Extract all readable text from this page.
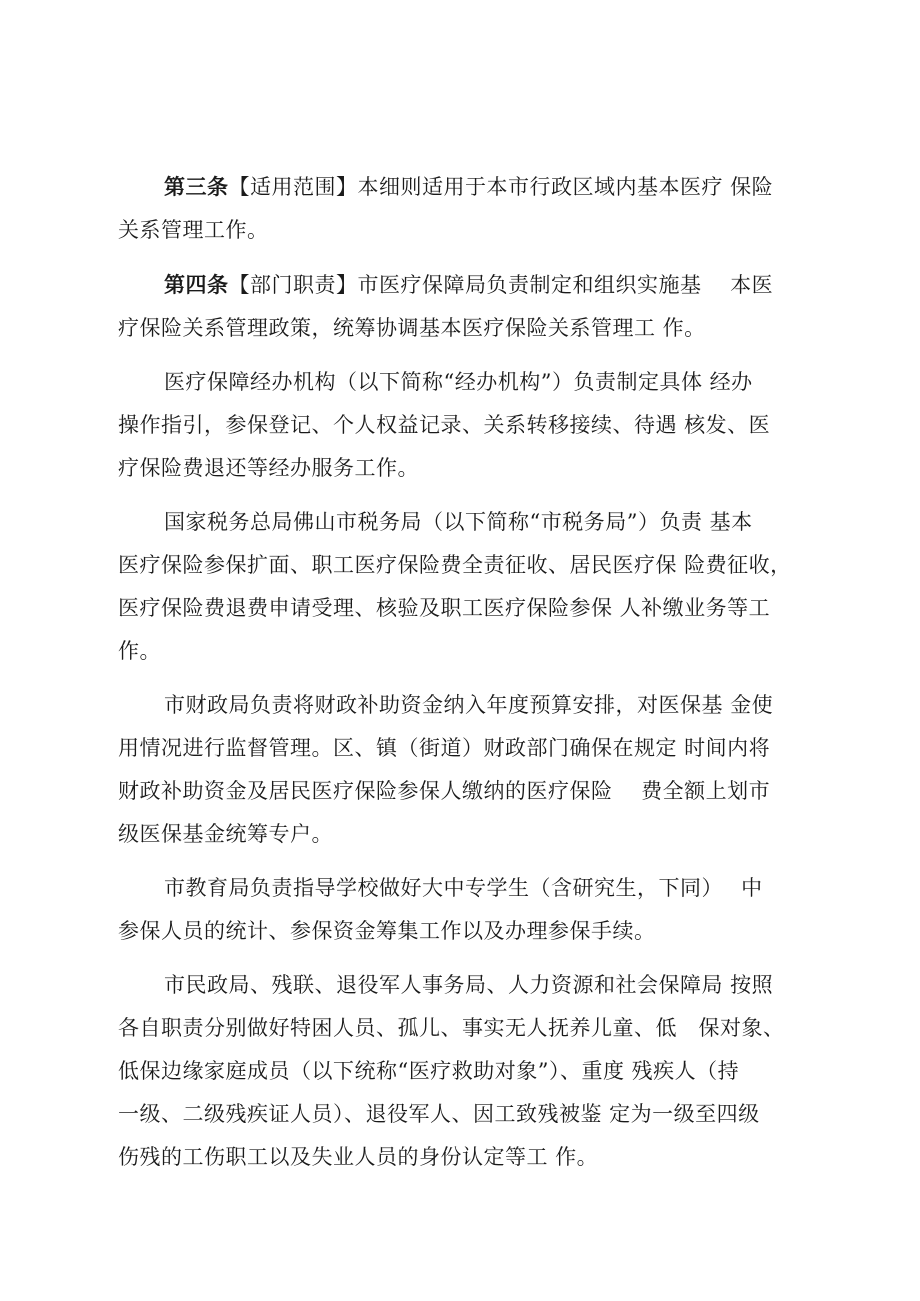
第三条【适用范围】本细则适用于本市行政区域内基本医疗 保险
关系管理工作。

第四条【部门职责】市医疗保障局负责制定和组织实施基　 本医
疗保险关系管理政策，统筹协调基本医疗保险关系管理工 作。

医疗保障经办机构（以下简称“经办机构”）负责制定具体 经办
操作指引，参保登记、个人权益记录、关系转移接续、待遇 核发、医
疗保险费退还等经办服务工作。

国家税务总局佛山市税务局（以下简称“市税务局”）负责 基本
医疗保险参保扩面、职工医疗保险费全责征收、居民医疗保 险费征收，
医疗保险费退费申请受理、核验及职工医疗保险参保 人补缴业务等工
作。

市财政局负责将财政补助资金纳入年度预算安排，对医保基 金使
用情况进行监督管理。区、镇（街道）财政部门确保在规定 时间内将
财政补助资金及居民医疗保险参保人缴纳的医疗保险　 费全额上划市
级医保基金统筹专户。

市教育局负责指导学校做好大中专学生（含研究生，下同）　 中
参保人员的统计、参保资金筹集工作以及办理参保手续。

市民政局、残联、退役军人事务局、人力资源和社会保障局 按照
各自职责分别做好特困人员、孤儿、事实无人抚养儿童、低　保对象、
低保边缘家庭成员（以下统称“医疗救助对象”）、重度 残疾人（持
一级、二级残疾证人员）、退役军人、因工致残被鉴 定为一级至四级
伤残的工伤职工以及失业人员的身份认定等工 作。
